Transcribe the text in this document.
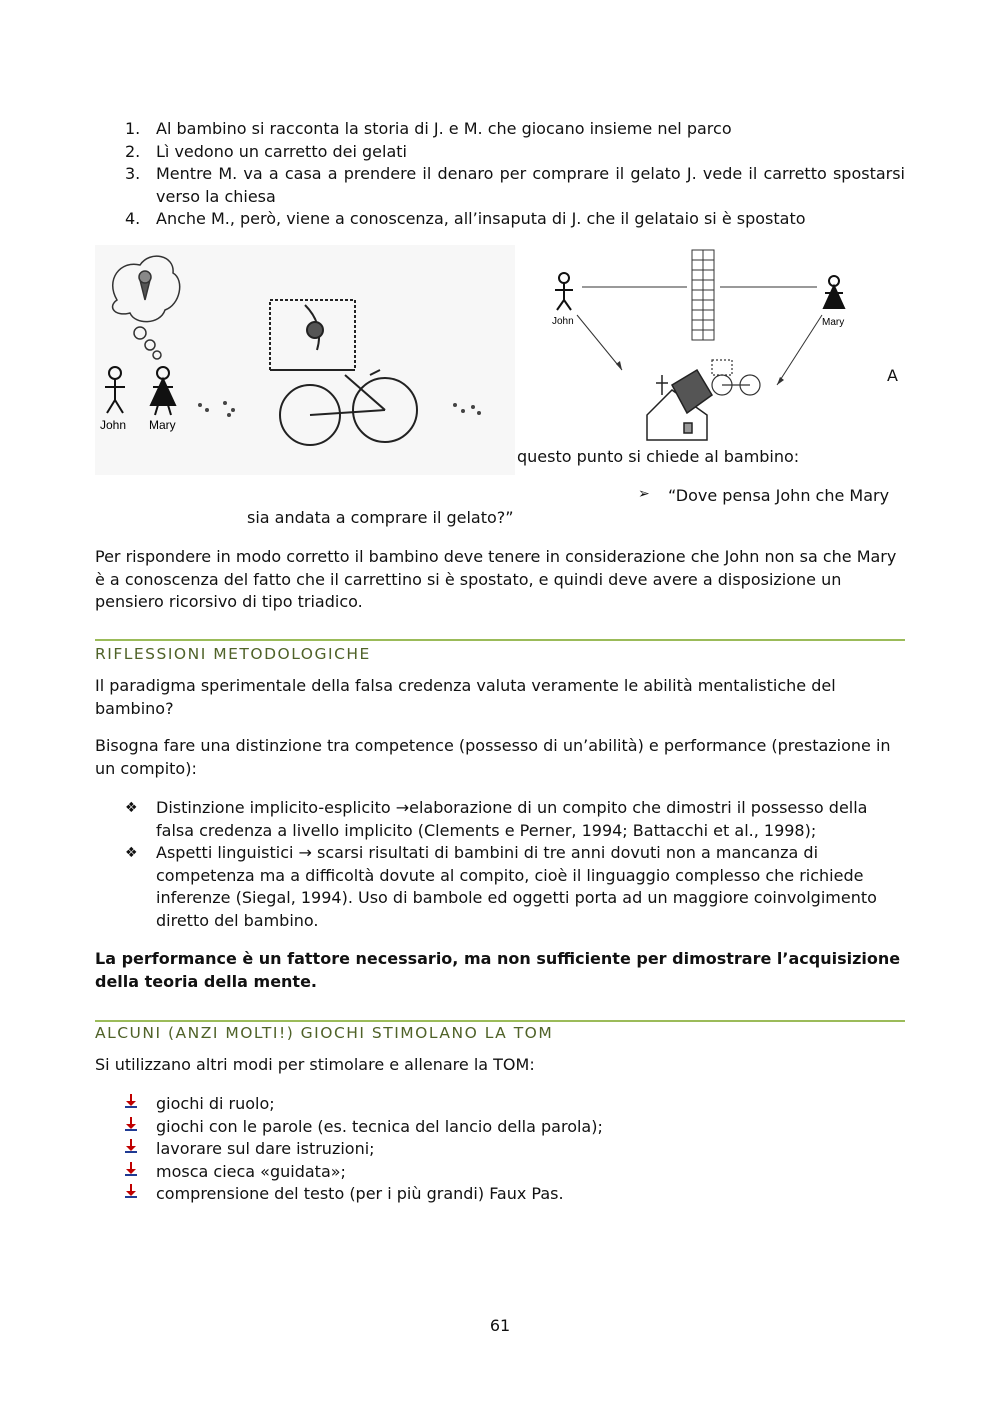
1. Al bambino si racconta la storia di J. e M. che giocano insieme nel parco
2. Lì vedono un carretto dei gelati
3. Mentre M. va a casa a prendere il denaro per comprare il gelato J. vede il carretto spostarsi verso la chiesa
4. Anche M., però, viene a conoscenza, all’insaputa di J. che il gelataio si è spostato
John Mary
John	Mary
A
questo punto si chiede al bambino:
➢ “Dove pensa John che Mary
sia andata a comprare il gelato?”

Per rispondere in modo corretto il bambino deve tenere in considerazione che John non sa che Mary è a conoscenza del fatto che il carrettino si è spostato, e quindi deve avere a disposizione un pensiero ricorsivo di tipo triadico.

RIFLESSIONI METODOLOGICHE

Il paradigma sperimentale della falsa credenza valuta veramente le abilità mentalistiche del bambino?

Bisogna fare una distinzione tra competence (possesso di un’abilità) e performance (prestazione in un compito):

❖ Distinzione implicito-esplicito →elaborazione di un compito che dimostri il possesso della falsa credenza a livello implicito (Clements e Perner, 1994; Battacchi et al., 1998);
❖ Aspetti linguistici → scarsi risultati di bambini di tre anni dovuti non a mancanza di competenza ma a difficoltà dovute al compito, cioè il linguaggio complesso che richiede inferenze (Siegal, 1994). Uso di bambole ed oggetti porta ad un maggiore coinvolgimento diretto del bambino.

La performance è un fattore necessario, ma non sufficiente per dimostrare l’acquisizione della teoria della mente.

ALCUNI (ANZI MOLTI!) GIOCHI STIMOLANO LA TOM

Si utilizzano altri modi per stimolare e allenare la TOM:

giochi di ruolo;
giochi con le parole (es. tecnica del lancio della parola);
lavorare sul dare istruzioni;
mosca cieca «guidata»;
comprensione del testo (per i più grandi) Faux Pas.
61
